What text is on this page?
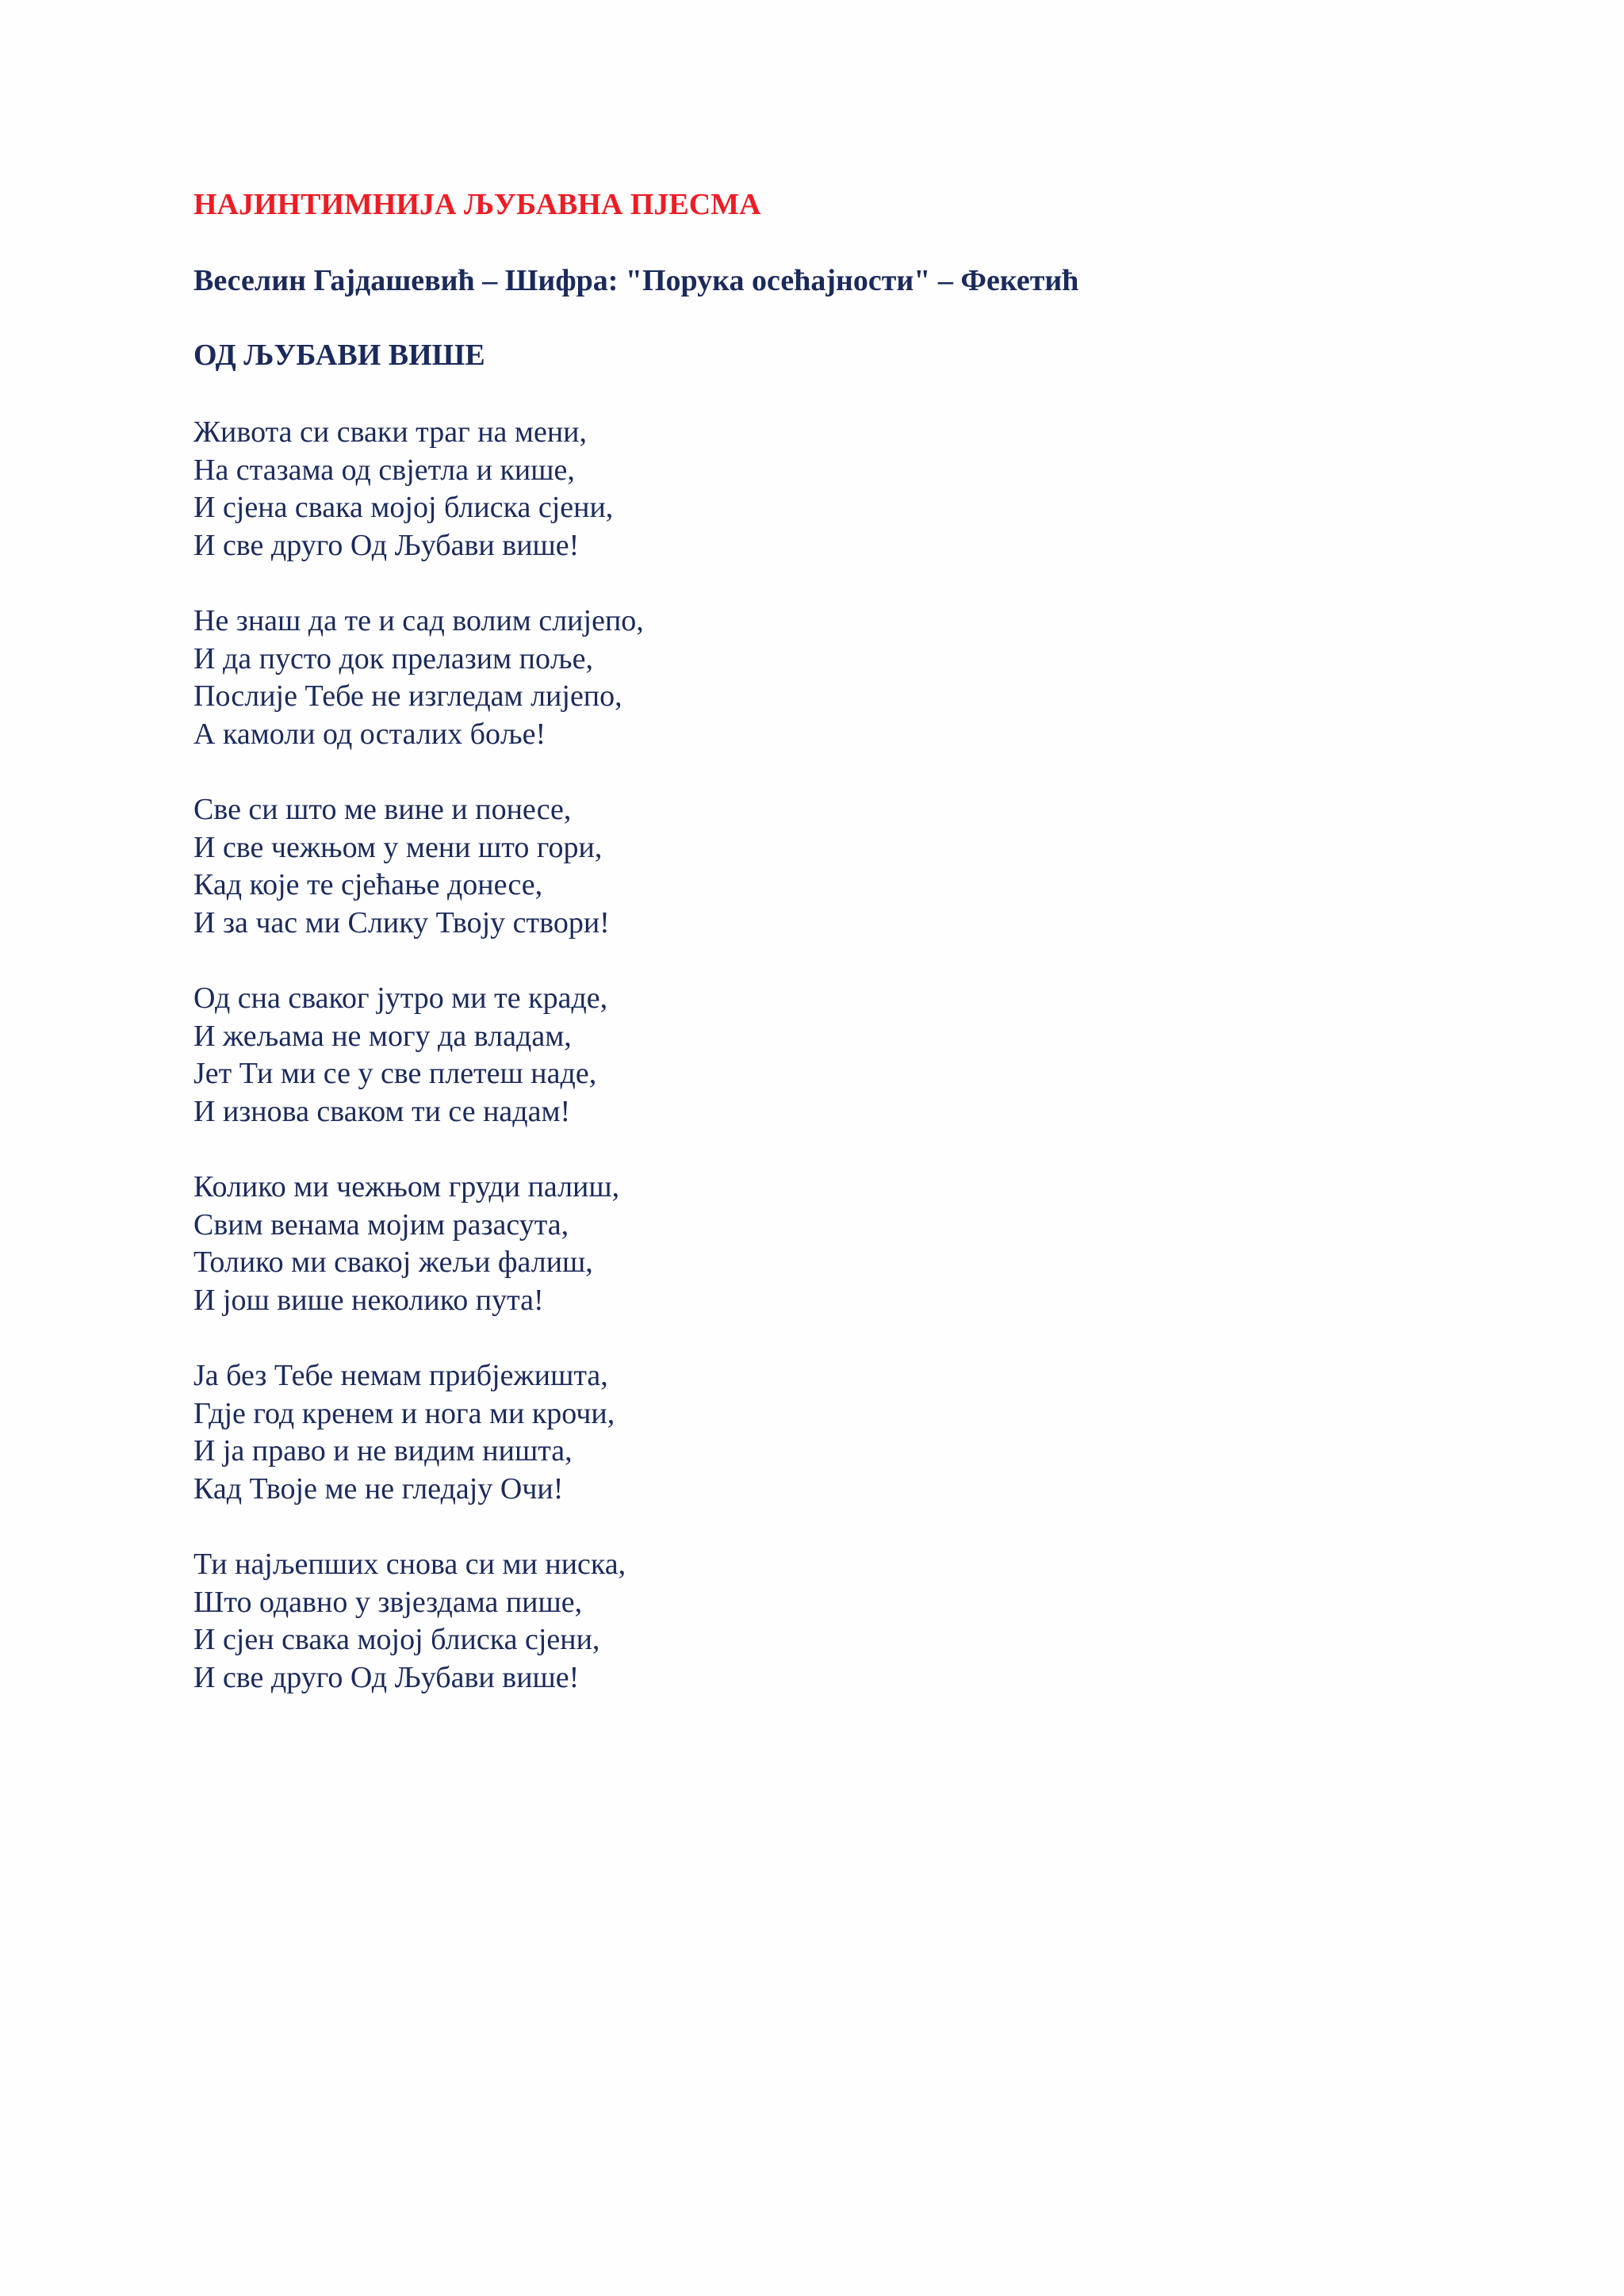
НАЈИНТИМНИЈА ЉУБАВНА ПЈЕСМА

Веселин Гајдашевић – Шифра: "Порука осећајности" – Фекетић

ОД ЉУБАВИ ВИШЕ

Живота си сваки траг на мени,
На стазама од свјетла и кише,
И сјена свака мојој блиска сјени,
И све друго Од Љубави више!
Не знаш да те и сад волим слијепо,
И да пусто док прелазим поље,
Послије Тебе не изгледам лијепо,
А камоли од осталих боље!
Све си што ме вине и понесе,
И све чежњом у мени што гори,
Кад које те сјећање донесе,
И за час ми Слику Твоју створи!
Од сна сваког јутро ми те краде,
И жељама не могу да владам,
Јет Ти ми се у све плетеш наде,
И изнова сваком ти се надам!
Колико ми чежњом груди палиш,
Свим венама мојим разасута,
Толико ми свакој жељи фалиш,
И још више неколико пута!
Ја без Тебе немам прибјежишта,
Гдје год кренем и нога ми крочи,
И ја право и не видим ништа,
Кад Твоје ме не гледају Очи!
Ти најљепших снова си ми ниска,
Што одавно у звјездама пише,
И сјен свака мојој блиска сјени,
И све друго Од Љубави више!
